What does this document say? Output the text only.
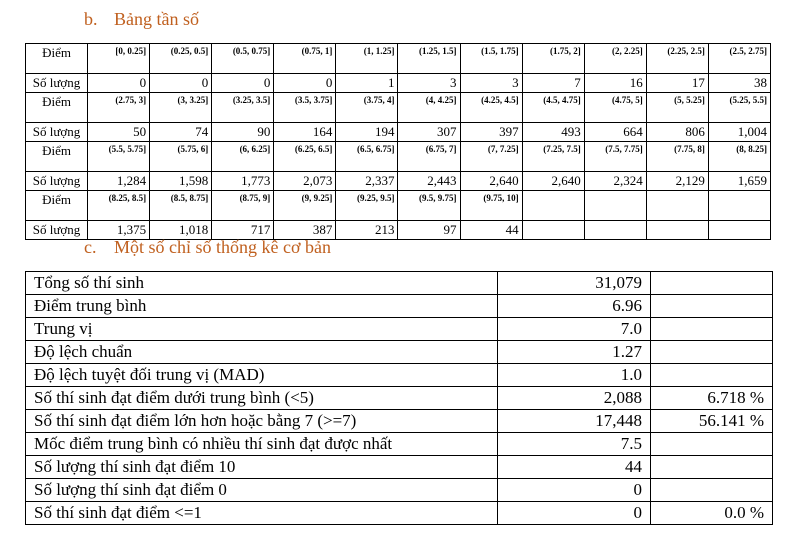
b. Bảng tần số
Điểm	[0, 0.25]	(0.25, 0.5]	(0.5, 0.75]	(0.75, 1]	(1, 1.25]	(1.25, 1.5]	(1.5, 1.75]	(1.75, 2]	(2, 2.25]	(2.25, 2.5]	(2.5, 2.75]
Số lượng	0	0	0	0	1	3	3	7	16	17	38
Điểm	(2.75, 3]	(3, 3.25]	(3.25, 3.5]	(3.5, 3.75]	(3.75, 4]	(4, 4.25]	(4.25, 4.5]	(4.5, 4.75]	(4.75, 5]	(5, 5.25]	(5.25, 5.5]
Số lượng	50	74	90	164	194	307	397	493	664	806	1,004
Điểm	(5.5, 5.75]	(5.75, 6]	(6, 6.25]	(6.25, 6.5]	(6.5, 6.75]	(6.75, 7]	(7, 7.25]	(7.25, 7.5]	(7.5, 7.75]	(7.75, 8]	(8, 8.25]
Số lượng	1,284	1,598	1,773	2,073	2,337	2,443	2,640	2,640	2,324	2,129	1,659
Điểm	(8.25, 8.5]	(8.5, 8.75]	(8.75, 9]	(9, 9.25]	(9.25, 9.5]	(9.5, 9.75]	(9.75, 10]				
Số lượng	1,375	1,018	717	387	213	97	44				
c. Một số chỉ số thống kê cơ bản
Tổng số thí sinh	31,079	
Điểm trung bình	6.96	
Trung vị	7.0	
Độ lệch chuẩn	1.27	
Độ lệch tuyệt đối trung vị (MAD)	1.0	
Số thí sinh đạt điểm dưới trung bình (<5)	2,088	6.718 %
Số thí sinh đạt điểm lớn hơn hoặc bằng 7 (>=7)	17,448	56.141 %
Mốc điểm trung bình có nhiều thí sinh đạt được nhất	7.5	
Số lượng thí sinh đạt điểm 10	44	
Số lượng thí sinh đạt điểm 0	0	
Số thí sinh đạt điểm <=1	0	0.0 %
